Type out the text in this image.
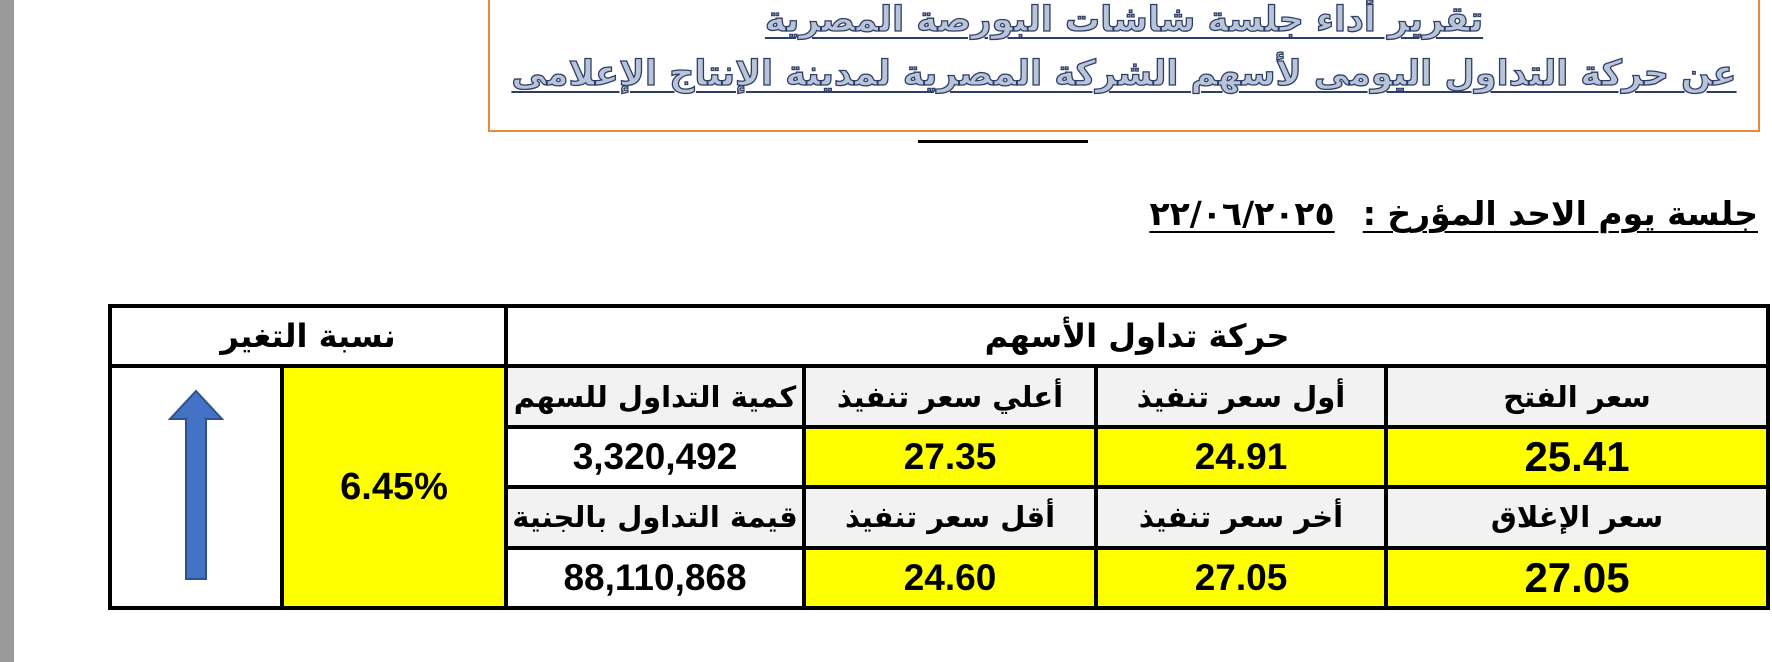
تقرير أداء جلسة شاشات البورصة المصرية
عن حركة التداول اليومى لأسهم الشركة المصرية لمدينة الإنتاج الإعلامى
جلسة يوم الاحد المؤرخ :٢٢/٠٦/٢٠٢٥
حركة تداول الأسهم				نسبة التغير	
سعر الفتح	أول سعر تنفيذ	أعلي سعر تنفيذ	كمية التداول للسهم	6.45%	
25.41	24.91	27.35	3,320,492		
سعر الإغلاق	أخر سعر تنفيذ	أقل سعر تنفيذ	قيمة التداول بالجنية		
27.05	27.05	24.60	88,110,868		
